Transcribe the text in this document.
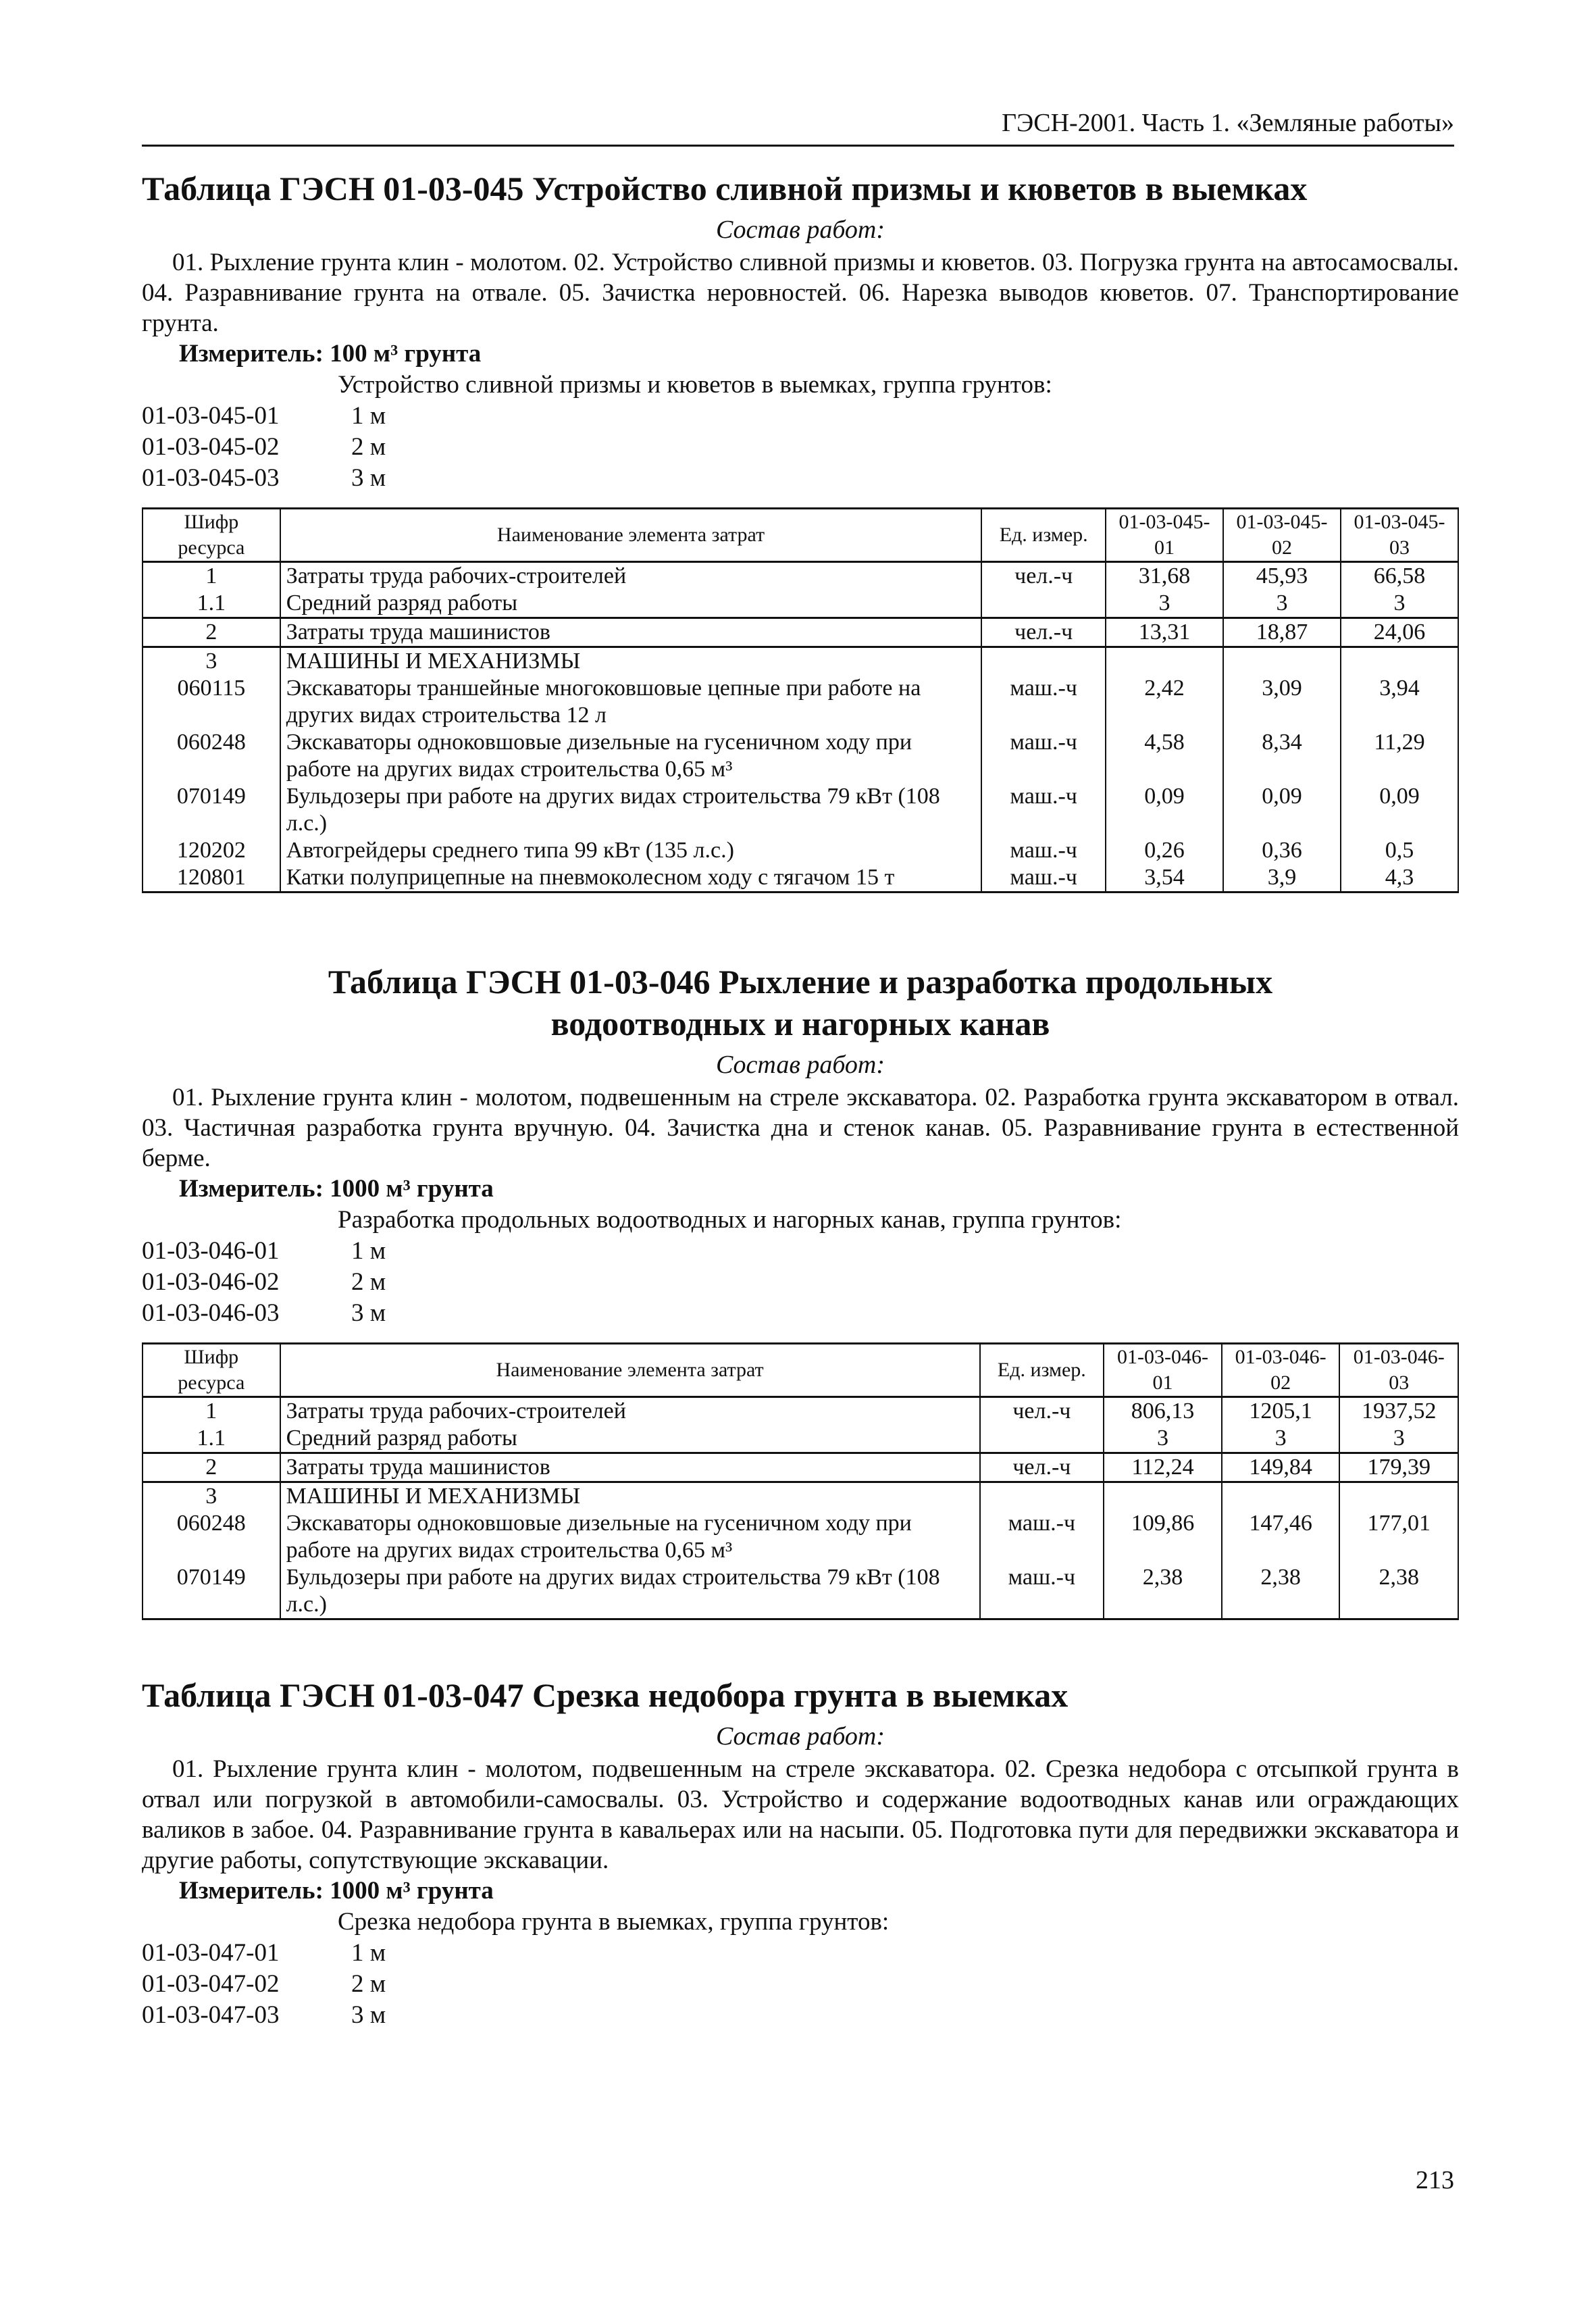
ГЭСН-2001. Часть 1. «Земляные работы»
Таблица ГЭСН 01-03-045 Устройство сливной призмы и кюветов в выемках

Состав работ:

01. Рыхление грунта клин - молотом. 02. Устройство сливной призмы и кюветов. 03. Погрузка грунта на автосамосвалы. 04. Разравнивание грунта на отвале. 05. Зачистка неровностей. 06. Нарезка выводов кюветов. 07. Транспортирование грунта.

Измеритель: 100 м³ грунта

Устройство сливной призмы и кюветов в выемках, группа грунтов:

01-03-045-01	1 м
01-03-045-02	2 м
01-03-045-03	3 м
Шифр ресурса	Наименование элемента затрат	Ед. измер.	01-03-045-01	01-03-045-02	01-03-045-03
1	Затраты труда рабочих-строителей	чел.-ч	31,68	45,93	66,58
1.1	Средний разряд работы		3	3	3
2	Затраты труда машинистов	чел.-ч	13,31	18,87	24,06
3	МАШИНЫ И МЕХАНИЗМЫ				
060115	Экскаваторы траншейные многоковшовые цепные при работе на других видах строительства 12 л	маш.-ч	2,42	3,09	3,94
060248	Экскаваторы одноковшовые дизельные на гусеничном ходу при работе на других видах строительства 0,65 м³	маш.-ч	4,58	8,34	11,29
070149	Бульдозеры при работе на других видах строительства 79 кВт (108 л.с.)	маш.-ч	0,09	0,09	0,09
120202	Автогрейдеры среднего типа 99 кВт (135 л.с.)	маш.-ч	0,26	0,36	0,5
120801	Катки полуприцепные на пневмоколесном ходу с тягачом 15 т	маш.-ч	3,54	3,9	4,3
Таблица ГЭСН 01-03-046 Рыхление и разработка продольных водоотводных и нагорных канав

Состав работ:

01. Рыхление грунта клин - молотом, подвешенным на стреле экскаватора. 02. Разработка грунта экскаватором в отвал. 03. Частичная разработка грунта вручную. 04. Зачистка дна и стенок канав. 05. Разравнивание грунта в естественной берме.

Измеритель: 1000 м³ грунта

Разработка продольных водоотводных и нагорных канав, группа грунтов:

01-03-046-01	1 м
01-03-046-02	2 м
01-03-046-03	3 м
Шифр ресурса	Наименование элемента затрат	Ед. измер.	01-03-046-01	01-03-046-02	01-03-046-03
1	Затраты труда рабочих-строителей	чел.-ч	806,13	1205,1	1937,52
1.1	Средний разряд работы		3	3	3
2	Затраты труда машинистов	чел.-ч	112,24	149,84	179,39
3	МАШИНЫ И МЕХАНИЗМЫ				
060248	Экскаваторы одноковшовые дизельные на гусеничном ходу при работе на других видах строительства 0,65 м³	маш.-ч	109,86	147,46	177,01
070149	Бульдозеры при работе на других видах строительства 79 кВт (108 л.с.)	маш.-ч	2,38	2,38	2,38
Таблица ГЭСН 01-03-047 Срезка недобора грунта в выемках

Состав работ:

01. Рыхление грунта клин - молотом, подвешенным на стреле экскаватора. 02. Срезка недобора с отсыпкой грунта в отвал или погрузкой в автомобили-самосвалы. 03. Устройство и содержание водоотводных канав или ограждающих валиков в забое. 04. Разравнивание грунта в кавальерах или на насыпи. 05. Подготовка пути для передвижки экскаватора и другие работы, сопутствующие экскавации.

Измеритель: 1000 м³ грунта

Срезка недобора грунта в выемках, группа грунтов:

01-03-047-01	1 м
01-03-047-02	2 м
01-03-047-03	3 м
213
